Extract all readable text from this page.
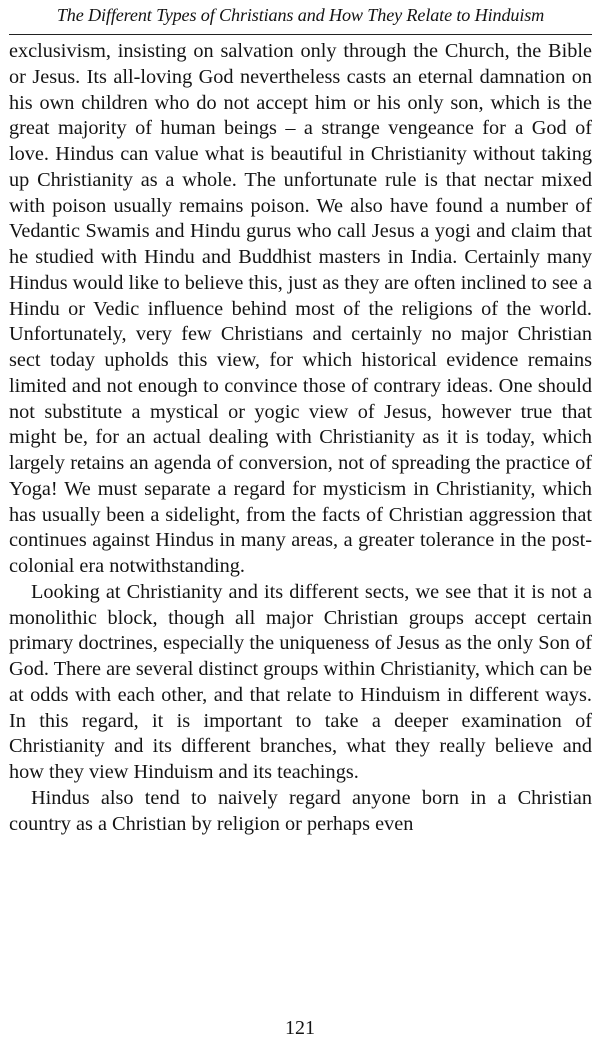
The Different Types of Christians and How They Relate to Hinduism

exclusivism, insisting on salvation only through the Church, the Bible or Jesus. Its all-loving God nevertheless casts an eternal damnation on his own children who do not accept him or his only son, which is the great majority of human beings – a strange vengeance for a God of love. Hindus can value what is beautiful in Christianity without taking up Christianity as a whole. The unfortunate rule is that nectar mixed with poison usually remains poison. We also have found a number of Vedantic Swamis and Hindu gurus who call Jesus a yogi and claim that he studied with Hindu and Buddhist masters in India. Certainly many Hindus would like to believe this, just as they are often inclined to see a Hindu or Vedic influence behind most of the religions of the world. Unfortunately, very few Christians and certainly no major Christian sect today upholds this view, for which historical evidence remains limited and not enough to convince those of contrary ideas. One should not substitute a mystical or yogic view of Jesus, however true that might be, for an actual dealing with Christianity as it is today, which largely retains an agenda of conversion, not of spreading the practice of Yoga! We must separate a regard for mysticism in Christianity, which has usually been a sidelight, from the facts of Christian aggression that continues against Hindus in many areas, a greater tolerance in the post-colonial era notwithstanding.

Looking at Christianity and its different sects, we see that it is not a monolithic block, though all major Christian groups accept certain primary doctrines, especially the uniqueness of Jesus as the only Son of God. There are several distinct groups within Christianity, which can be at odds with each other, and that relate to Hinduism in different ways. In this regard, it is important to take a deeper examination of Christianity and its different branches, what they really believe and how they view Hinduism and its teachings.

Hindus also tend to naively regard anyone born in a Christian country as a Christian by religion or perhaps even

121
